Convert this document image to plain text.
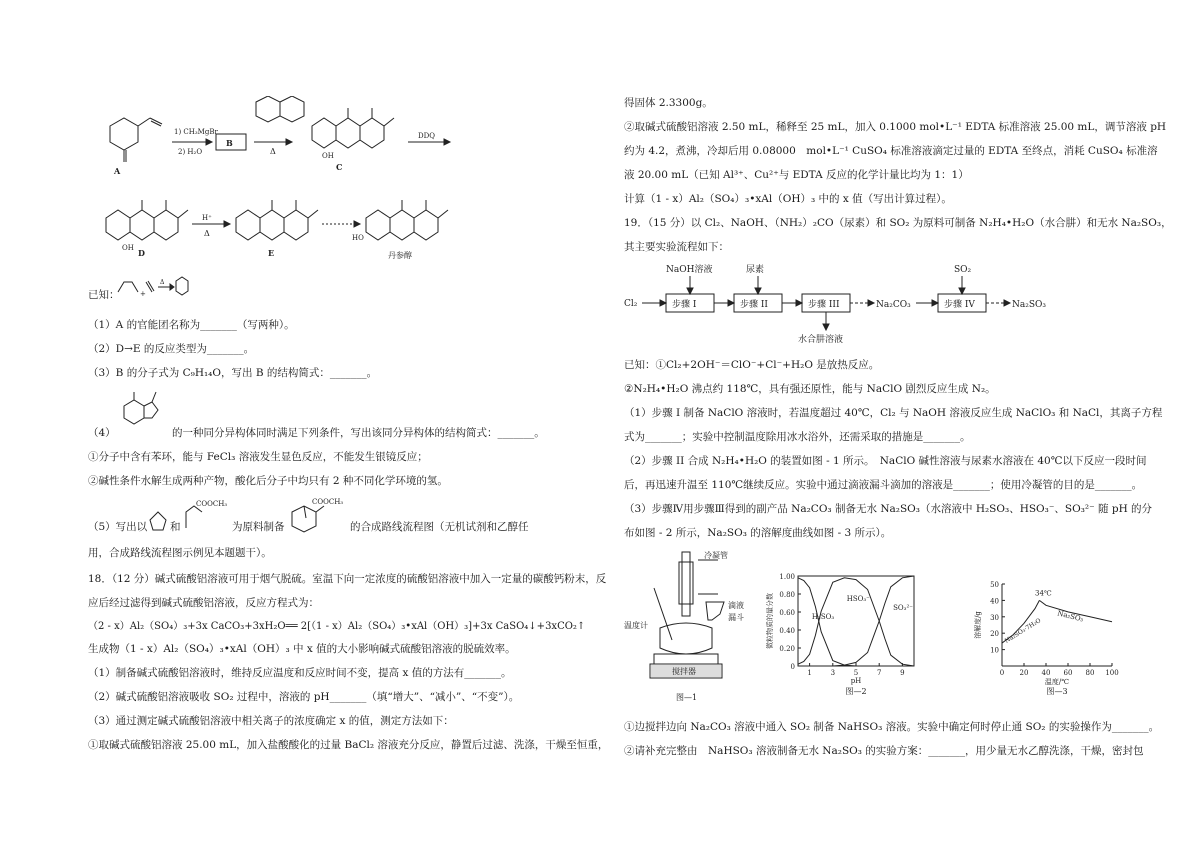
1) CH₃MgBr
2) H₂O
B
Δ
DDQ
H⁺
Δ
OH
OH
HO
A	C
D	E	丹参醇
已知：	+
Δ
（1）A 的官能团名称为_______（写两种）。
（2）D→E 的反应类型为_______。
（3）B 的分子式为 C₉H₁₄O，写出 B 的结构简式：_______。
（4）	的一种同分异构体同时满足下列条件，写出该同分异构体的结构简式：_______。
①分子中含有苯环，能与 FeCl₃ 溶液发生显色反应，不能发生银镜反应；
②碱性条件水解生成两种产物，酸化后分子中均只有 2 种不同化学环境的氢。
（5）写出以
COOCH₃	COOCH₃
和	为原料制备	的合成路线流程图（无机试剂和乙醇任
用，合成路线流程图示例见本题题干）。
18．（12 分）碱式硫酸铝溶液可用于烟气脱硫。室温下向一定浓度的硫酸铝溶液中加入一定量的碳酸钙粉末，反
应后经过滤得到碱式硫酸铝溶液，反应方程式为：
（2 - x）Al₂（SO₄）₃+3x CaCO₃+3xH₂O══ 2[（1 - x）Al₂（SO₄）₃•xAl（OH）₃]+3x CaSO₄↓+3xCO₂↑
生成物（1 - x）Al₂（SO₄）₃•xAl（OH）₃ 中 x 值的大小影响碱式硫酸铝溶液的脱硫效率。
（1）制备碱式硫酸铝溶液时，维持反应温度和反应时间不变，提高 x 值的方法有_______。
（2）碱式硫酸铝溶液吸收 SO₂ 过程中，溶液的 pH_______（填“增大”、“减小”、“不变”）。
（3）通过测定碱式硫酸铝溶液中相关离子的浓度确定 x 的值，测定方法如下：
①取碱式硫酸铝溶液 25.00 mL，加入盐酸酸化的过量 BaCl₂ 溶液充分反应，静置后过滤、洗涤，干燥至恒重，
得固体 2.3300g。
②取碱式硫酸铝溶液 2.50 mL，稀释至 25 mL，加入 0.1000 mol•L⁻¹ EDTA 标准溶液 25.00 mL，调节溶液 pH
约为 4.2，煮沸，冷却后用 0.08000　mol•L⁻¹ CuSO₄ 标准溶液滴定过量的 EDTA 至终点，消耗 CuSO₄ 标准溶
液 20.00 mL（已知 Al³⁺、Cu²⁺与 EDTA 反应的化学计量比均为 1：1）
计算（1 - x）Al₂（SO₄）₃•xAl（OH）₃ 中的 x 值（写出计算过程）。
19．（15 分）以 Cl₂、NaOH、（NH₂）₂CO（尿素）和 SO₂ 为原料可制备 N₂H₄•H₂O（水合肼）和无水 Na₂SO₃，
其主要实验流程如下：
Cl₂	步骤 I	步骤 II	步骤 III	步骤 IV
Na₂CO₃	Na₂SO₃
NaOH溶液	尿素	SO₂
水合肼溶液
已知：①Cl₂+2OH⁻＝ClO⁻+Cl⁻+H₂O 是放热反应。
②N₂H₄•H₂O 沸点约 118℃，具有强还原性，能与 NaClO 剧烈反应生成 N₂。
（1）步骤 I 制备 NaClO 溶液时，若温度超过 40℃，Cl₂ 与 NaOH 溶液反应生成 NaClO₃ 和 NaCl，其离子方程
式为_______；实验中控制温度除用冰水浴外，还需采取的措施是_______。
（2）步骤 II 合成 N₂H₄•H₂O 的装置如图 - 1 所示。　NaClO 碱性溶液与尿素水溶液在 40℃以下反应一段时间
后，再迅速升温至 110℃继续反应。实验中通过滴液漏斗滴加的溶液是_______；使用冷凝管的目的是_______。
（3）步骤Ⅳ用步骤Ⅲ得到的副产品 Na₂CO₃ 制备无水 Na₂SO₃（水溶液中 H₂SO₃、HSO₃⁻、SO₃²⁻ 随 pH 的分
布如图 - 2 所示，Na₂SO₃ 的溶解度曲线如图 - 3 所示）。
冷凝管
温度计
滴液
漏斗
搅拌器
图—1
0
0.20
0.40
0.60
0.80
1.00
1	3	5	7	9
pH
微粒物质的量分数	H₂SO₃
HSO₃⁻
SO₃²⁻
图—2
10
20
30
40
50
0 20 40 60 80 100
温度/℃
溶解度/g	Na₂SO₃·7H₂O
Na₂SO₃
34℃
图—3
①边搅拌边向 Na₂CO₃ 溶液中通入 SO₂ 制备 NaHSO₃ 溶液。实验中确定何时停止通 SO₂ 的实验操作为_______。
②请补充完整由　NaHSO₃ 溶液制备无水 Na₂SO₃ 的实验方案：_______，用少量无水乙醇洗涤，干燥，密封包
